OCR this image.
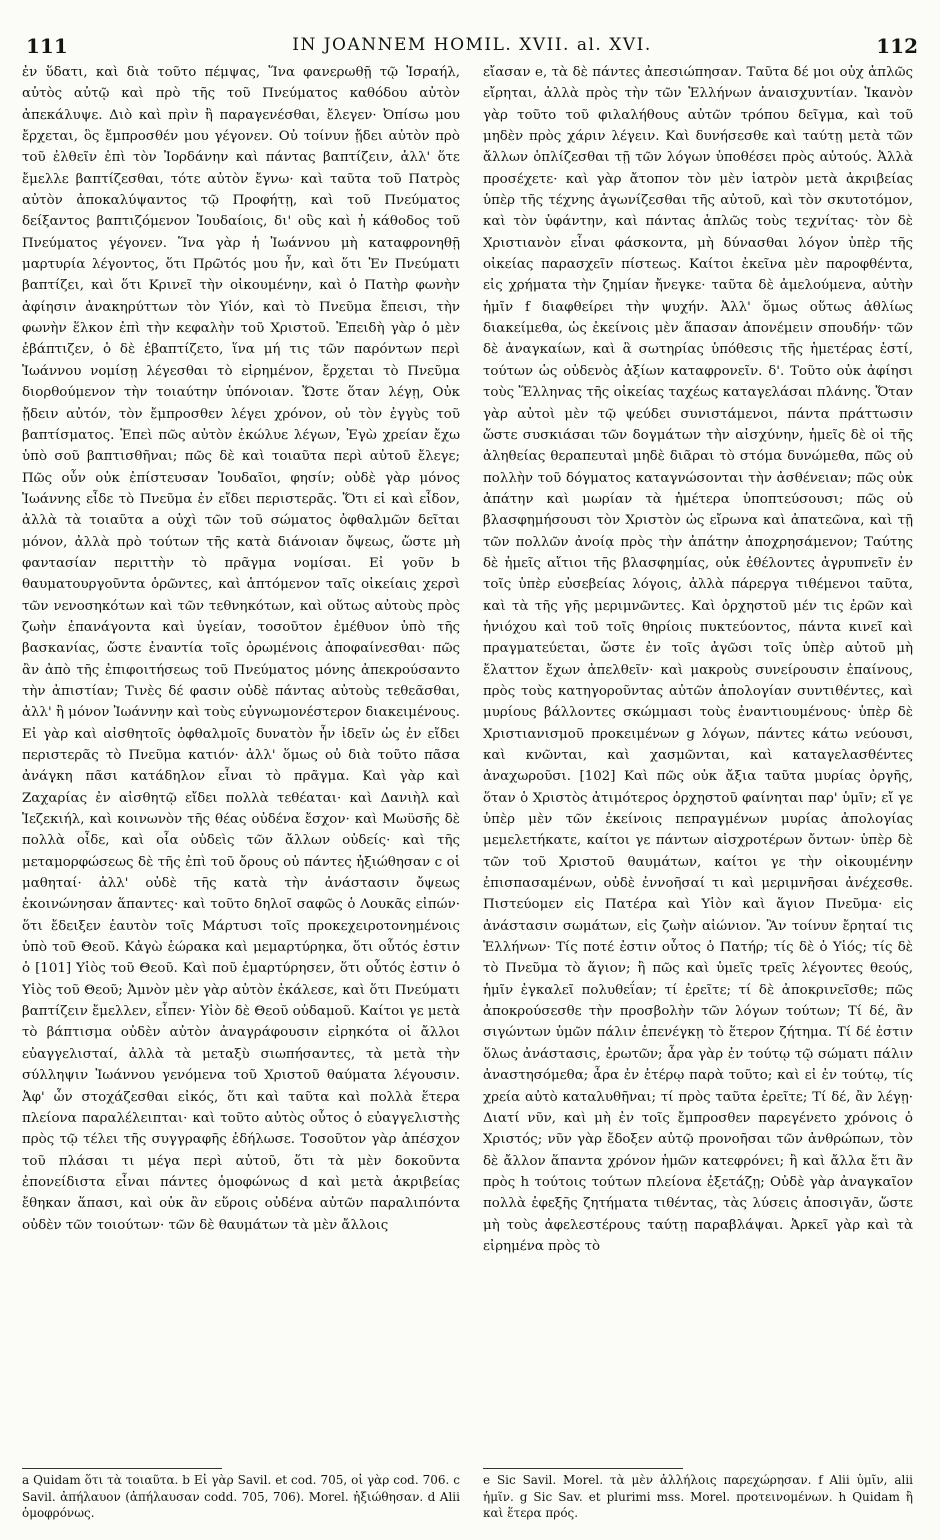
111	IN JOANNEM HOMIL. XVII. al. XVI.	112
ἐν ὕδατι, καὶ διὰ τοῦτο πέμψας, Ἵνα φανερωθῇ τῷ Ἰσραήλ, αὐτὸς αὐτῷ καὶ πρὸ τῆς τοῦ Πνεύματος καθόδου αὐτὸν ἀπεκάλυψε. Διὸ καὶ πρὶν ἢ παραγενέσθαι, ἔλεγεν· Ὀπίσω μου ἔρχεται, ὃς ἔμπροσθέν μου γέγονεν. Οὐ τοίνυν ᾔδει αὐτὸν πρὸ τοῦ ἐλθεῖν ἐπὶ τὸν Ἰορδάνην καὶ πάντας βαπτίζειν, ἀλλ' ὅτε ἔμελλε βαπτίζεσθαι, τότε αὐτὸν ἔγνω· καὶ ταῦτα τοῦ Πατρὸς αὐτὸν ἀποκαλύψαντος τῷ Προφήτῃ, καὶ τοῦ Πνεύματος δείξαντος βαπτιζόμενον Ἰουδαίοις, δι' οὓς καὶ ἡ κάθοδος τοῦ Πνεύματος γέγονεν. Ἵνα γὰρ ἡ Ἰωάννου μὴ καταφρονηθῇ μαρτυρία λέγοντος, ὅτι Πρῶτός μου ἦν, καὶ ὅτι Ἐν Πνεύματι βαπτίζει, καὶ ὅτι Κρινεῖ τὴν οἰκουμένην, καὶ ὁ Πατὴρ φωνὴν ἀφίησιν ἀνακηρύττων τὸν Υἱόν, καὶ τὸ Πνεῦμα ἔπεισι, τὴν φωνὴν ἕλκον ἐπὶ τὴν κεφαλὴν τοῦ Χριστοῦ. Ἐπειδὴ γὰρ ὁ μὲν ἐβάπτιζεν, ὁ δὲ ἐβαπτίζετο, ἵνα μή τις τῶν παρόντων περὶ Ἰωάννου νομίσῃ λέγεσθαι τὸ εἰρημένον, ἔρχεται τὸ Πνεῦμα διορθούμενον τὴν τοιαύτην ὑπόνοιαν. Ὥστε ὅταν λέγῃ, Οὐκ ᾔδειν αὐτόν, τὸν ἔμπροσθεν λέγει χρόνον, οὐ τὸν ἐγγὺς τοῦ βαπτίσματος. Ἐπεὶ πῶς αὐτὸν ἐκώλυε λέγων, Ἐγὼ χρείαν ἔχω ὑπὸ σοῦ βαπτισθῆναι; πῶς δὲ καὶ τοιαῦτα περὶ αὐτοῦ ἔλεγε; Πῶς οὖν οὐκ ἐπίστευσαν Ἰουδαῖοι, φησίν; οὐδὲ γὰρ μόνος Ἰωάννης εἶδε τὸ Πνεῦμα ἐν εἴδει περιστερᾶς. Ὅτι εἰ καὶ εἶδον, ἀλλὰ τὰ τοιαῦτα a οὐχὶ τῶν τοῦ σώματος ὀφθαλμῶν δεῖται μόνον, ἀλλὰ πρὸ τούτων τῆς κατὰ διάνοιαν ὄψεως, ὥστε μὴ φαντασίαν περιττὴν τὸ πρᾶγμα νομίσαι. Εἰ γοῦν b θαυματουργοῦντα ὁρῶντες, καὶ ἁπτόμενον ταῖς οἰκείαις χερσὶ τῶν νενοσηκότων καὶ τῶν τεθνηκότων, καὶ οὕτως αὐτοὺς πρὸς ζωὴν ἐπανάγοντα καὶ ὑγείαν, τοσοῦτον ἐμέθυον ὑπὸ τῆς βασκανίας, ὥστε ἐναντία τοῖς ὁρωμένοις ἀποφαίνεσθαι· πῶς ἂν ἀπὸ τῆς ἐπιφοιτήσεως τοῦ Πνεύματος μόνης ἀπεκρούσαντο τὴν ἀπιστίαν; Τινὲς δέ φασιν οὐδὲ πάντας αὐτοὺς τεθεᾶσθαι, ἀλλ' ἢ μόνον Ἰωάννην καὶ τοὺς εὐγνωμονέστερον διακειμένους. Εἰ γὰρ καὶ αἰσθητοῖς ὀφθαλμοῖς δυνατὸν ἦν ἰδεῖν ὡς ἐν εἴδει περιστερᾶς τὸ Πνεῦμα κατιόν· ἀλλ' ὅμως οὐ διὰ τοῦτο πᾶσα ἀνάγκη πᾶσι κατάδηλον εἶναι τὸ πρᾶγμα. Καὶ γὰρ καὶ Ζαχαρίας ἐν αἰσθητῷ εἴδει πολλὰ τεθέαται· καὶ Δανιὴλ καὶ Ἰεζεκιήλ, καὶ κοινωνὸν τῆς θέας οὐδένα ἔσχον· καὶ Μωϋσῆς δὲ πολλὰ οἶδε, καὶ οἷα οὐδεὶς τῶν ἄλλων οὐδείς· καὶ τῆς μεταμορφώσεως δὲ τῆς ἐπὶ τοῦ ὄρους οὐ πάντες ἠξιώθησαν c οἱ μαθηταί· ἀλλ' οὐδὲ τῆς κατὰ τὴν ἀνάστασιν ὄψεως ἐκοινώνησαν ἅπαντες· καὶ τοῦτο δηλοῖ σαφῶς ὁ Λουκᾶς εἰπών· ὅτι ἔδειξεν ἑαυτὸν τοῖς Μάρτυσι τοῖς προκεχειροτονημένοις ὑπὸ τοῦ Θεοῦ. Κἀγὼ ἑώρακα καὶ μεμαρτύρηκα, ὅτι οὗτός ἐστιν ὁ [101] Υἱὸς τοῦ Θεοῦ. Καὶ ποῦ ἐμαρτύρησεν, ὅτι οὗτός ἐστιν ὁ Υἱὸς τοῦ Θεοῦ; Ἀμνὸν μὲν γὰρ αὐτὸν ἐκάλεσε, καὶ ὅτι Πνεύματι βαπτίζειν ἔμελλεν, εἶπεν· Υἱὸν δὲ Θεοῦ οὐδαμοῦ. Καίτοι γε μετὰ τὸ βάπτισμα οὐδὲν αὐτὸν ἀναγράφουσιν εἰρηκότα οἱ ἄλλοι εὐαγγελισταί, ἀλλὰ τὰ μεταξὺ σιωπήσαντες, τὰ μετὰ τὴν σύλληψιν Ἰωάννου γενόμενα τοῦ Χριστοῦ θαύματα λέγουσιν. Ἀφ' ὧν στοχάζεσθαι εἰκός, ὅτι καὶ ταῦτα καὶ πολλὰ ἕτερα πλείονα παραλέλειπται· καὶ τοῦτο αὐτὸς οὗτος ὁ εὐαγγελιστὴς πρὸς τῷ τέλει τῆς συγγραφῆς ἐδήλωσε. Τοσοῦτον γὰρ ἀπέσχον τοῦ πλάσαι τι μέγα περὶ αὐτοῦ, ὅτι τὰ μὲν δοκοῦντα ἐπονείδιστα εἶναι πάντες ὁμοφώνως d καὶ μετὰ ἀκριβείας ἔθηκαν ἅπασι, καὶ οὐκ ἂν εὕροις οὐδένα αὐτῶν παραλιπόντα οὐδὲν τῶν τοιούτων· τῶν δὲ θαυμάτων τὰ μὲν ἄλλοις
εἴασαν e, τὰ δὲ πάντες ἀπεσιώπησαν. Ταῦτα δέ μοι οὐχ ἁπλῶς εἴρηται, ἀλλὰ πρὸς τὴν τῶν Ἑλλήνων ἀναισχυντίαν. Ἱκανὸν γὰρ τοῦτο τοῦ φιλαλήθους αὐτῶν τρόπου δεῖγμα, καὶ τοῦ μηδὲν πρὸς χάριν λέγειν. Καὶ δυνήσεσθε καὶ ταύτῃ μετὰ τῶν ἄλλων ὁπλίζεσθαι τῇ τῶν λόγων ὑποθέσει πρὸς αὐτούς. Ἀλλὰ προσέχετε· καὶ γὰρ ἄτοπον τὸν μὲν ἰατρὸν μετὰ ἀκριβείας ὑπὲρ τῆς τέχνης ἀγωνίζεσθαι τῆς αὐτοῦ, καὶ τὸν σκυτοτόμον, καὶ τὸν ὑφάντην, καὶ πάντας ἁπλῶς τοὺς τεχνίτας· τὸν δὲ Χριστιανὸν εἶναι φάσκοντα, μὴ δύνασθαι λόγον ὑπὲρ τῆς οἰκείας παρασχεῖν πίστεως. Καίτοι ἐκεῖνα μὲν παροφθέντα, εἰς χρήματα τὴν ζημίαν ἤνεγκε· ταῦτα δὲ ἀμελούμενα, αὐτὴν ἡμῖν f διαφθείρει τὴν ψυχήν. Ἀλλ' ὅμως οὕτως ἀθλίως διακείμεθα, ὡς ἐκείνοις μὲν ἅπασαν ἀπονέμειν σπουδήν· τῶν δὲ ἀναγκαίων, καὶ ἃ σωτηρίας ὑπόθεσις τῆς ἡμετέρας ἐστί, τούτων ὡς οὐδενὸς ἀξίων καταφρονεῖν. δ'. Τοῦτο οὐκ ἀφίησι τοὺς Ἕλληνας τῆς οἰκείας ταχέως καταγελάσαι πλάνης. Ὅταν γὰρ αὐτοὶ μὲν τῷ ψεύδει συνιστάμενοι, πάντα πράττωσιν ὥστε συσκιάσαι τῶν δογμάτων τὴν αἰσχύνην, ἡμεῖς δὲ οἱ τῆς ἀληθείας θεραπευταὶ μηδὲ διᾶραι τὸ στόμα δυνώμεθα, πῶς οὐ πολλὴν τοῦ δόγματος καταγνώσονται τὴν ἀσθένειαν; πῶς οὐκ ἀπάτην καὶ μωρίαν τὰ ἡμέτερα ὑποπτεύσουσι; πῶς οὐ βλασφημήσουσι τὸν Χριστὸν ὡς εἴρωνα καὶ ἀπατεῶνα, καὶ τῇ τῶν πολλῶν ἀνοίᾳ πρὸς τὴν ἀπάτην ἀποχρησάμενον; Ταύτης δὲ ἡμεῖς αἴτιοι τῆς βλασφημίας, οὐκ ἐθέλοντες ἀγρυπνεῖν ἐν τοῖς ὑπὲρ εὐσεβείας λόγοις, ἀλλὰ πάρεργα τιθέμενοι ταῦτα, καὶ τὰ τῆς γῆς μεριμνῶντες. Καὶ ὀρχηστοῦ μέν τις ἐρῶν καὶ ἡνιόχου καὶ τοῦ τοῖς θηρίοις πυκτεύοντος, πάντα κινεῖ καὶ πραγματεύεται, ὥστε ἐν τοῖς ἀγῶσι τοῖς ὑπὲρ αὐτοῦ μὴ ἔλαττον ἔχων ἀπελθεῖν· καὶ μακροὺς συνείρουσιν ἐπαίνους, πρὸς τοὺς κατηγοροῦντας αὐτῶν ἀπολογίαν συντιθέντες, καὶ μυρίους βάλλοντες σκώμμασι τοὺς ἐναντιουμένους· ὑπὲρ δὲ Χριστιανισμοῦ προκειμένων g λόγων, πάντες κάτω νεύουσι, καὶ κνῶνται, καὶ χασμῶνται, καὶ καταγελασθέντες ἀναχωροῦσι. [102] Καὶ πῶς οὐκ ἄξια ταῦτα μυρίας ὀργῆς, ὅταν ὁ Χριστὸς ἀτιμότερος ὀρχηστοῦ φαίνηται παρ' ὑμῖν; εἴ γε ὑπὲρ μὲν τῶν ἐκείνοις πεπραγμένων μυρίας ἀπολογίας μεμελετήκατε, καίτοι γε πάντων αἰσχροτέρων ὄντων· ὑπὲρ δὲ τῶν τοῦ Χριστοῦ θαυμάτων, καίτοι γε τὴν οἰκουμένην ἐπισπασαμένων, οὐδὲ ἐννοῆσαί τι καὶ μεριμνῆσαι ἀνέχεσθε. Πιστεύομεν εἰς Πατέρα καὶ Υἱὸν καὶ ἅγιον Πνεῦμα· εἰς ἀνάστασιν σωμάτων, εἰς ζωὴν αἰώνιον. Ἂν τοίνυν ἔρηταί τις Ἑλλήνων· Τίς ποτέ ἐστιν οὗτος ὁ Πατήρ; τίς δὲ ὁ Υἱός; τίς δὲ τὸ Πνεῦμα τὸ ἅγιον; ἢ πῶς καὶ ὑμεῖς τρεῖς λέγοντες θεούς, ἡμῖν ἐγκαλεῖ πολυθεΐαν; τί ἐρεῖτε; τί δὲ ἀποκρινεῖσθε; πῶς ἀποκρούσεσθε τὴν προσβολὴν τῶν λόγων τούτων; Τί δέ, ἂν σιγώντων ὑμῶν πάλιν ἐπενέγκῃ τὸ ἕτερον ζήτημα. Τί δέ ἐστιν ὅλως ἀνάστασις, ἐρωτῶν; ἆρα γὰρ ἐν τούτῳ τῷ σώματι πάλιν ἀναστησόμεθα; ἆρα ἐν ἑτέρῳ παρὰ τοῦτο; καὶ εἰ ἐν τούτῳ, τίς χρεία αὐτὸ καταλυθῆναι; τί πρὸς ταῦτα ἐρεῖτε; Τί δέ, ἂν λέγῃ· Διατί νῦν, καὶ μὴ ἐν τοῖς ἔμπροσθεν παρεγένετο χρόνοις ὁ Χριστός; νῦν γὰρ ἔδοξεν αὐτῷ προνοῆσαι τῶν ἀνθρώπων, τὸν δὲ ἄλλον ἅπαντα χρόνον ἡμῶν κατεφρόνει; ἢ καὶ ἄλλα ἔτι ἂν πρὸς h τούτοις τούτων πλείονα ἐξετάζῃ; Οὐδὲ γὰρ ἀναγκαῖον πολλὰ ἐφεξῆς ζητήματα τιθέντας, τὰς λύσεις ἀποσιγᾶν, ὥστε μὴ τοὺς ἀφελεστέρους ταύτῃ παραβλάψαι. Ἀρκεῖ γὰρ καὶ τὰ εἰρημένα πρὸς τὸ
a Quidam ὅτι τὰ τοιαῦτα. b Εἰ γὰρ Savil. et cod. 705, οἱ γὰρ cod. 706. c Savil. ἀπήλαυον (ἀπήλαυσαν codd. 705, 706). Morel. ἠξιώθησαν. d Alii ὁμοφρόνως.
e Sic Savil. Morel. τὰ μὲν ἀλλήλοις παρεχώρησαν. f Alii ὑμῖν, alii ἡμῖν. g Sic Sav. et plurimi mss. Morel. προτεινομένων. h Quidam ἢ καὶ ἕτερα πρός.
